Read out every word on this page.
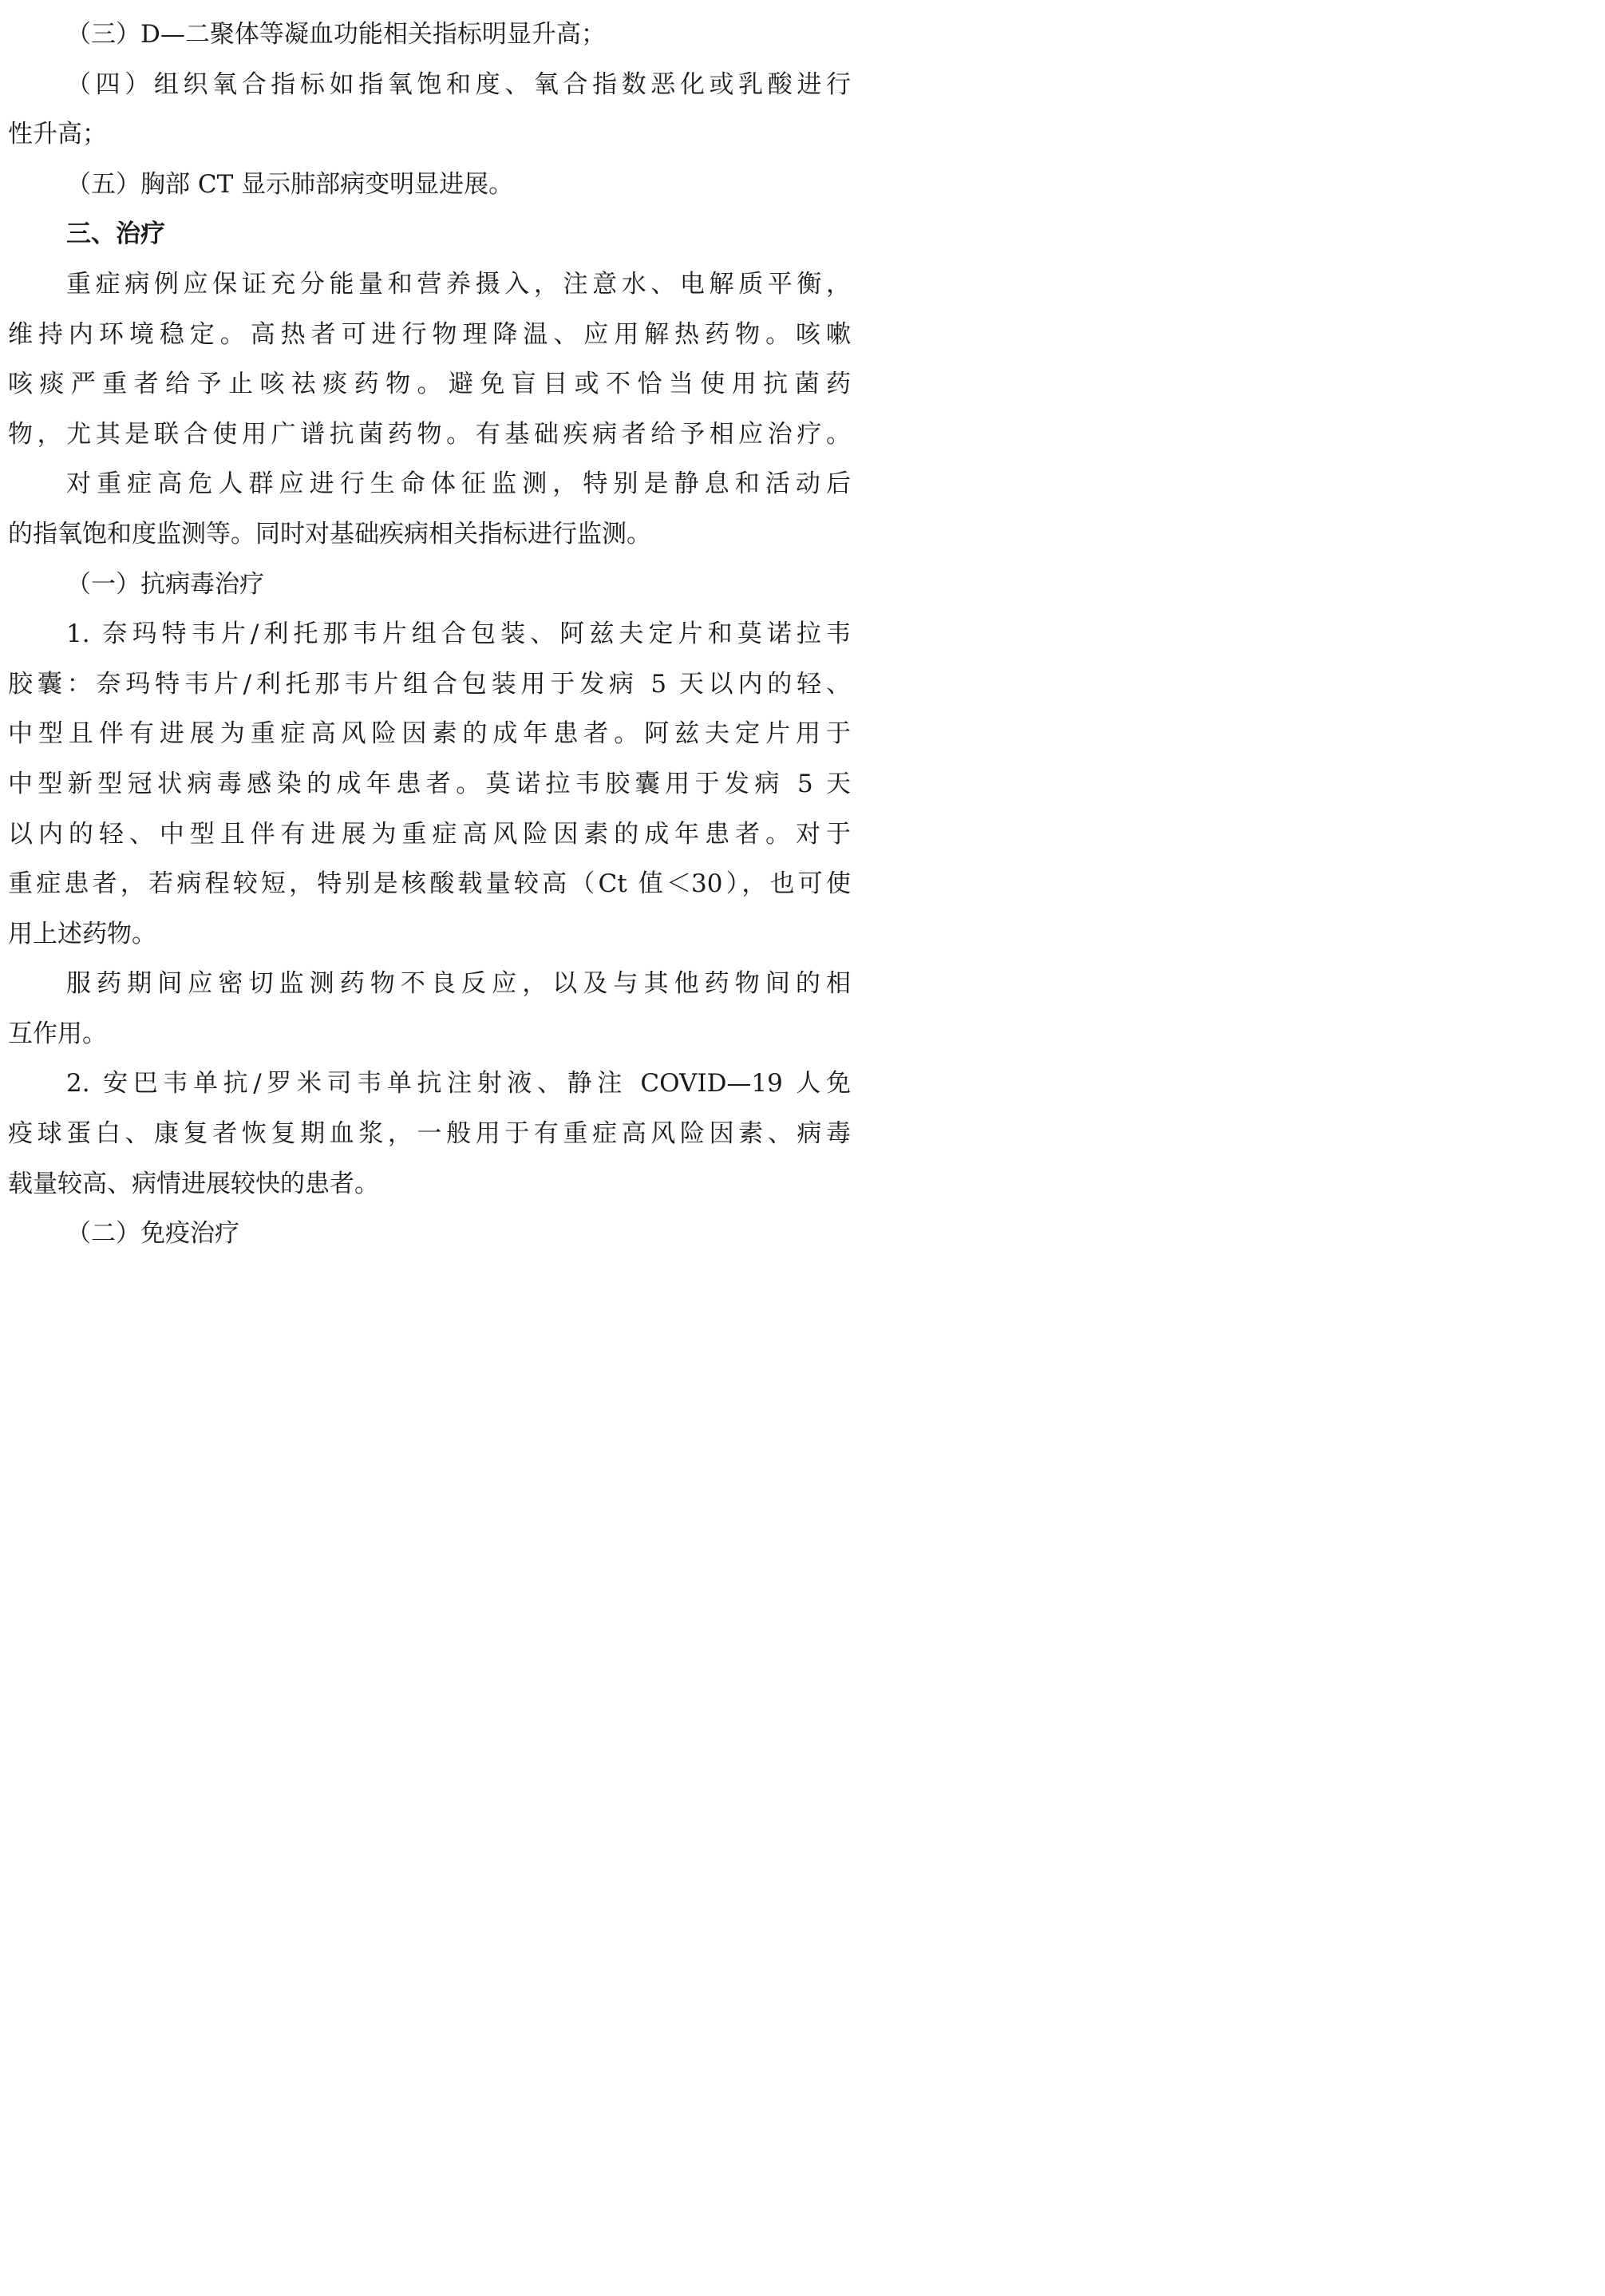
（三）D—二聚体等凝血功能相关指标明显升高；
（四）组织氧合指标如指氧饱和度、氧合指数恶化或乳酸进行
性升高；
（五）胸部 CT 显示肺部病变明显进展。
三、治疗
重症病例应保证充分能量和营养摄入，注意水、电解质平衡，
维持内环境稳定。高热者可进行物理降温、应用解热药物。咳嗽
咳痰严重者给予止咳祛痰药物。避免盲目或不恰当使用抗菌药
物，尤其是联合使用广谱抗菌药物。有基础疾病者给予相应治疗。
对重症高危人群应进行生命体征监测，特别是静息和活动后
的指氧饱和度监测等。同时对基础疾病相关指标进行监测。
（一）抗病毒治疗
1. 奈玛特韦片/利托那韦片组合包装、阿兹夫定片和莫诺拉韦
胶囊：奈玛特韦片/利托那韦片组合包装用于发病 5 天以内的轻、
中型且伴有进展为重症高风险因素的成年患者。阿兹夫定片用于
中型新型冠状病毒感染的成年患者。莫诺拉韦胶囊用于发病 5 天
以内的轻、中型且伴有进展为重症高风险因素的成年患者。对于
重症患者，若病程较短，特别是核酸载量较高（Ct 值＜30），也可使
用上述药物。
服药期间应密切监测药物不良反应，以及与其他药物间的相
互作用。
2. 安巴韦单抗/罗米司韦单抗注射液、静注 COVID—19 人免
疫球蛋白、康复者恢复期血浆，一般用于有重症高风险因素、病毒
载量较高、病情进展较快的患者。
（二）免疫治疗
